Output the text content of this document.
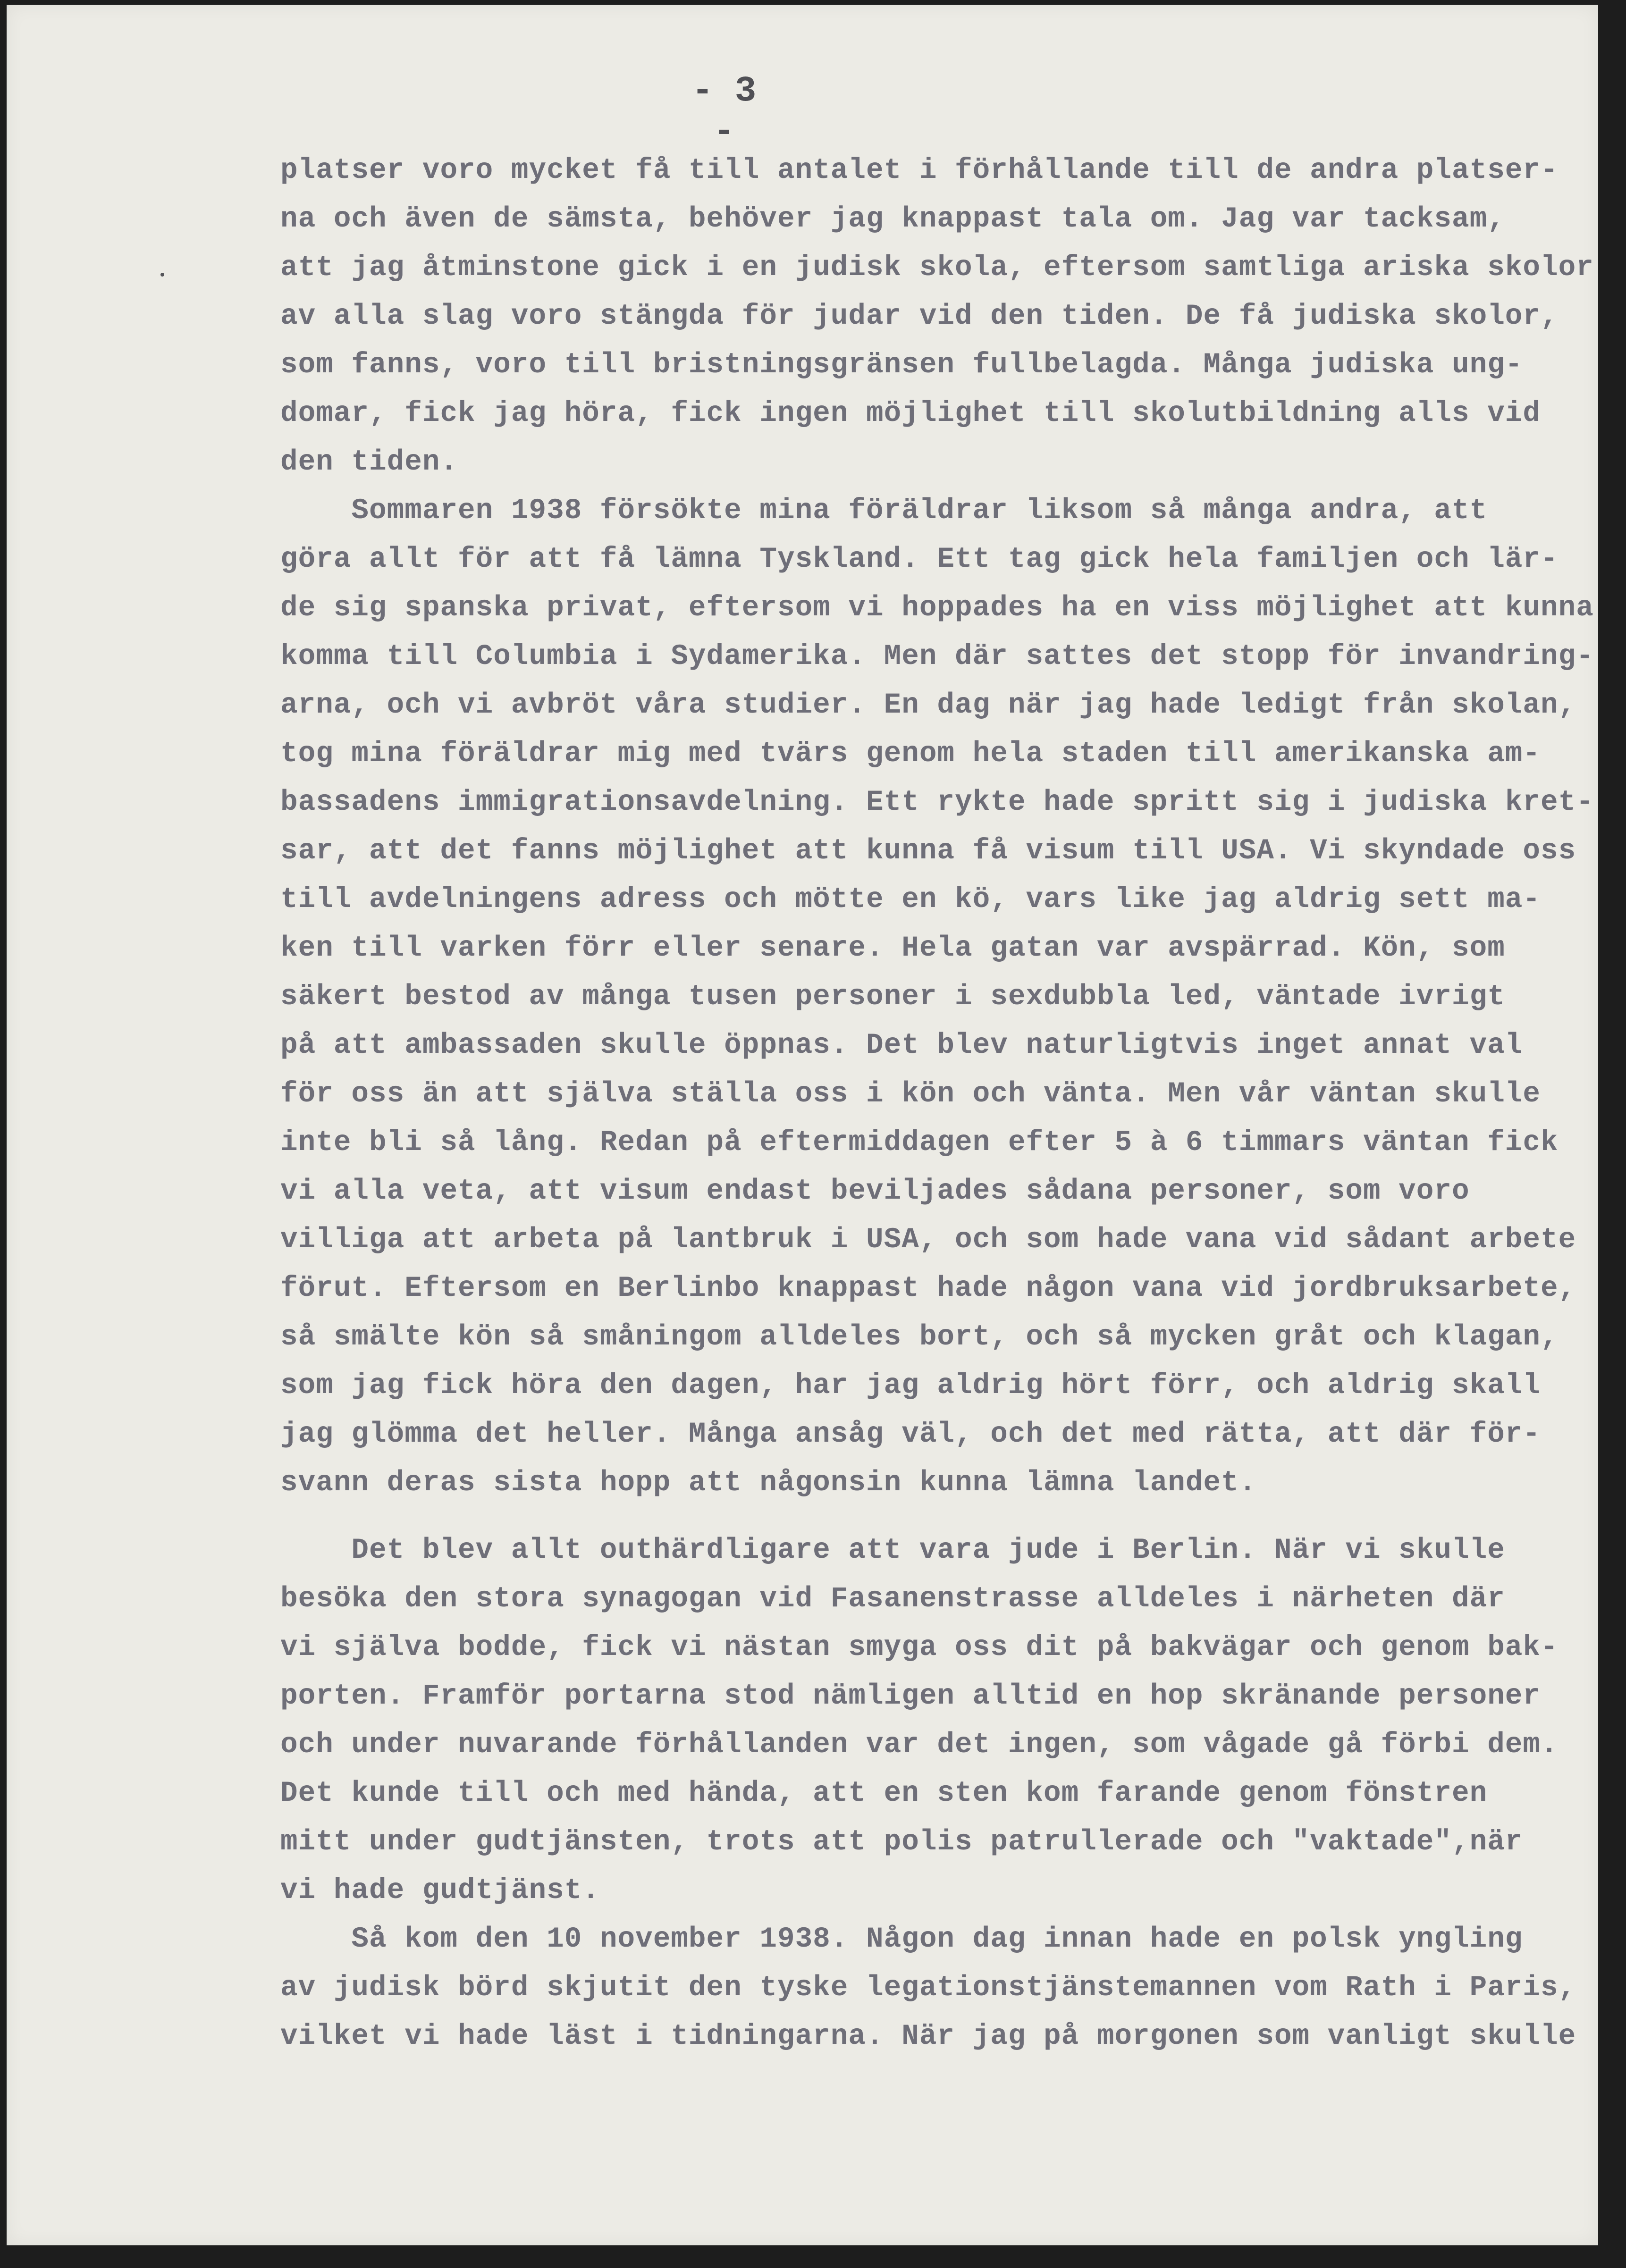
- 3 -
platser voro mycket få till antalet i förhållande till de andra platser-
na och även de sämsta, behöver jag knappast tala om. Jag var tacksam,
att jag åtminstone gick i en judisk skola, eftersom samtliga ariska skolor
av alla slag voro stängda för judar vid den tiden. De få judiska skolor,
som fanns, voro till bristningsgränsen fullbelagda. Många judiska ung-
domar, fick jag höra, fick ingen möjlighet till skolutbildning alls vid
den tiden.
Sommaren 1938 försökte mina föräldrar liksom så många andra, att
göra allt för att få lämna Tyskland. Ett tag gick hela familjen och lär-
de sig spanska privat, eftersom vi hoppades ha en viss möjlighet att kunna
komma till Columbia i Sydamerika. Men där sattes det stopp för invandring-
arna, och vi avbröt våra studier. En dag när jag hade ledigt från skolan,
tog mina föräldrar mig med tvärs genom hela staden till amerikanska am-
bassadens immigrationsavdelning. Ett rykte hade spritt sig i judiska kret-
sar, att det fanns möjlighet att kunna få visum till USA. Vi skyndade oss
till avdelningens adress och mötte en kö, vars like jag aldrig sett ma-
ken till varken förr eller senare. Hela gatan var avspärrad. Kön, som
säkert bestod av många tusen personer i sexdubbla led, väntade ivrigt
på att ambassaden skulle öppnas. Det blev naturligtvis inget annat val
för oss än att själva ställa oss i kön och vänta. Men vår väntan skulle
inte bli så lång. Redan på eftermiddagen efter 5 à 6 timmars väntan fick
vi alla veta, att visum endast beviljades sådana personer, som voro
villiga att arbeta på lantbruk i USA, och som hade vana vid sådant arbete
förut. Eftersom en Berlinbo knappast hade någon vana vid jordbruksarbete,
så smälte kön så småningom alldeles bort, och så mycken gråt och klagan,
som jag fick höra den dagen, har jag aldrig hört förr, och aldrig skall
jag glömma det heller. Många ansåg väl, och det med rätta, att där för-
svann deras sista hopp att någonsin kunna lämna landet.
Det blev allt outhärdligare att vara jude i Berlin. När vi skulle
besöka den stora synagogan vid Fasanenstrasse alldeles i närheten där
vi själva bodde, fick vi nästan smyga oss dit på bakvägar och genom bak-
porten. Framför portarna stod nämligen alltid en hop skränande personer
och under nuvarande förhållanden var det ingen, som vågade gå förbi dem.
Det kunde till och med hända, att en sten kom farande genom fönstren
mitt under gudtjänsten, trots att polis patrullerade och "vaktade",när
vi hade gudtjänst.
Så kom den 10 november 1938. Någon dag innan hade en polsk yngling
av judisk börd skjutit den tyske legationstjänstemannen vom Rath i Paris,
vilket vi hade läst i tidningarna. När jag på morgonen som vanligt skulle
